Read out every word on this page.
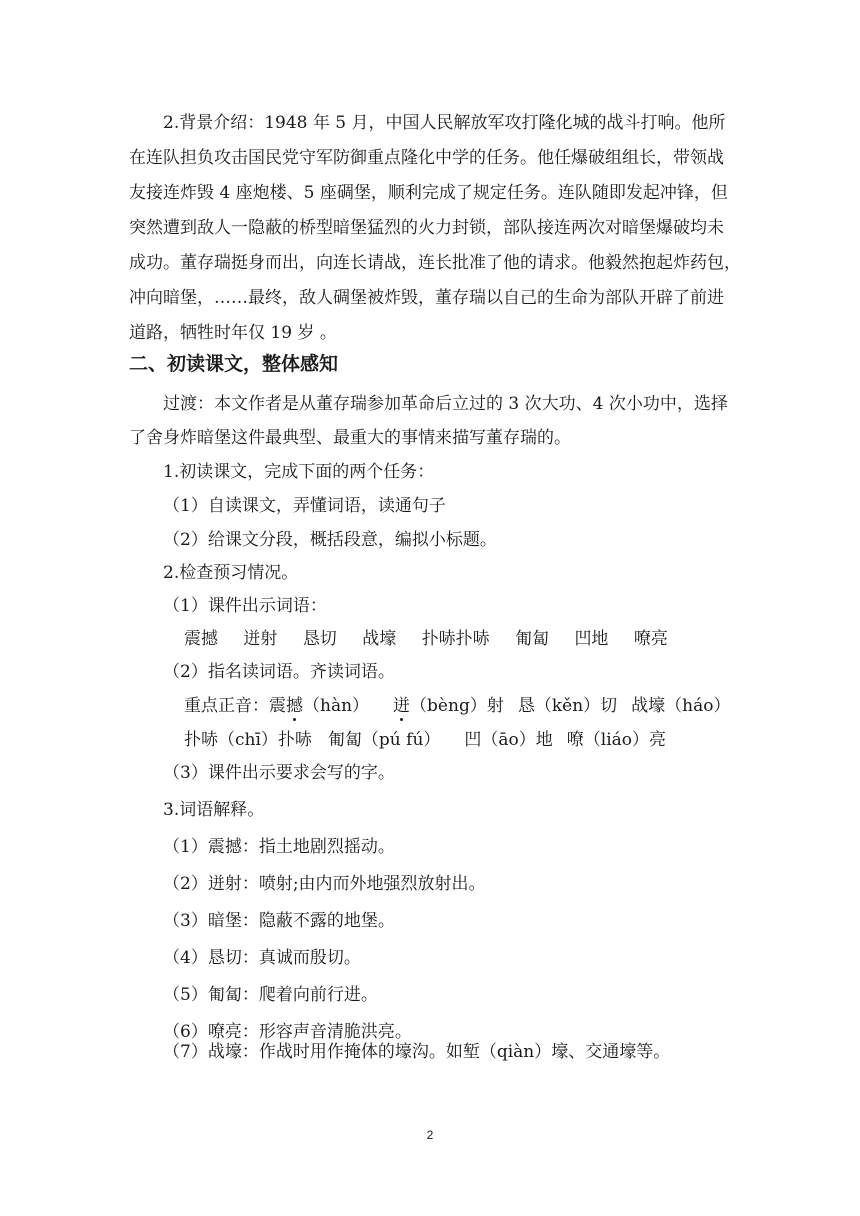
2.背景介绍：1948 年 5 月，中国人民解放军攻打隆化城的战斗打响。他所
在连队担负攻击国民党守军防御重点隆化中学的任务。他任爆破组组长，带领战
友接连炸毁 4 座炮楼、5 座碉堡，顺利完成了规定任务。连队随即发起冲锋，但
突然遭到敌人一隐蔽的桥型暗堡猛烈的火力封锁，部队接连两次对暗堡爆破均未
成功。董存瑞挺身而出，向连长请战，连长批准了他的请求。他毅然抱起炸药包，
冲向暗堡，……最终，敌人碉堡被炸毁，董存瑞以自己的生命为部队开辟了前进
道路，牺牲时年仅 19 岁 。
二、初读课文，整体感知
过渡：本文作者是从董存瑞参加革命后立过的 3 次大功、4 次小功中，选择
了舍身炸暗堡这件最典型、最重大的事情来描写董存瑞的。
1.初读课文，完成下面的两个任务：
（1）自读课文，弄懂词语，读通句子
（2）给课文分段，概括段意，编拟小标题。
2.检查预习情况。
（1）课件出示词语：
震撼 迸射 恳切 战壕 扑哧扑哧 匍匐 凹地 嘹亮
（2）指名读词语。齐读词语。
重点正音：震撼（hàn） 迸（bèng）射 恳（kěn）切 战壕（háo）
扑哧（chī）扑哧 匍匐（pú fú） 凹（āo）地 嘹（liáo）亮
（3）课件出示要求会写的字。
3.词语解释。
（1）震撼：指土地剧烈摇动。
（2）迸射：喷射;由内而外地强烈放射出。
（3）暗堡：隐蔽不露的地堡。
（4）恳切：真诚而殷切。
（5）匍匐：爬着向前行进。
（6）嘹亮：形容声音清脆洪亮。
2
（7）战壕：作战时用作掩体的壕沟。如堑（qiàn）壕、交通壕等。
